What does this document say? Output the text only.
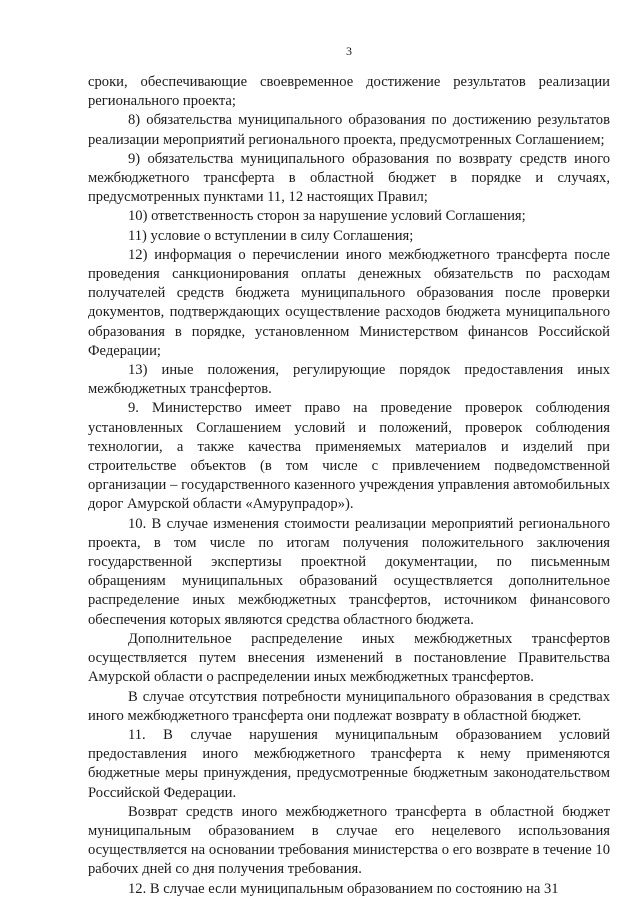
3

сроки, обеспечивающие своевременное достижение результатов реализации регионального проекта;

8) обязательства муниципального образования по достижению результатов реализации мероприятий регионального проекта, предусмотренных Соглашением;

9) обязательства муниципального образования по возврату средств иного межбюджетного трансферта в областной бюджет в порядке и случаях, предусмотренных пунктами 11, 12 настоящих Правил;

10) ответственность сторон за нарушение условий Соглашения;

11) условие о вступлении в силу Соглашения;

12) информация о перечислении иного межбюджетного трансферта после проведения санкционирования оплаты денежных обязательств по расходам получателей средств бюджета муниципального образования после проверки документов, подтверждающих осуществление расходов бюджета муниципального образования в порядке, установленном Министерством финансов Российской Федерации;

13) иные положения, регулирующие порядок предоставления иных межбюджетных трансфертов.

9. Министерство имеет право на проведение проверок соблюдения установленных Соглашением условий и положений, проверок соблюдения технологии, а также качества применяемых материалов и изделий при строительстве объектов (в том числе с привлечением подведомственной организации – государственного казенного учреждения управления автомобильных дорог Амурской области «Амурупрадор»).

10. В случае изменения стоимости реализации мероприятий регионального проекта, в том числе по итогам получения положительного заключения государственной экспертизы проектной документации, по письменным обращениям муниципальных образований осуществляется дополнительное распределение иных межбюджетных трансфертов, источником финансового обеспечения которых являются средства областного бюджета.

Дополнительное распределение иных межбюджетных трансфертов осуществляется путем внесения изменений в постановление Правительства Амурской области о распределении иных межбюджетных трансфертов.

В случае отсутствия потребности муниципального образования в средствах иного межбюджетного трансферта они подлежат возврату в областной бюджет.

11. В случае нарушения муниципальным образованием условий предоставления иного межбюджетного трансферта к нему применяются бюджетные меры принуждения, предусмотренные бюджетным законодательством Российской Федерации.

Возврат средств иного межбюджетного трансферта в областной бюджет муниципальным образованием в случае его нецелевого использования осуществляется на основании требования министерства о его возврате в течение 10 рабочих дней со дня получения требования.

12. В случае если муниципальным образованием по состоянию на 31
